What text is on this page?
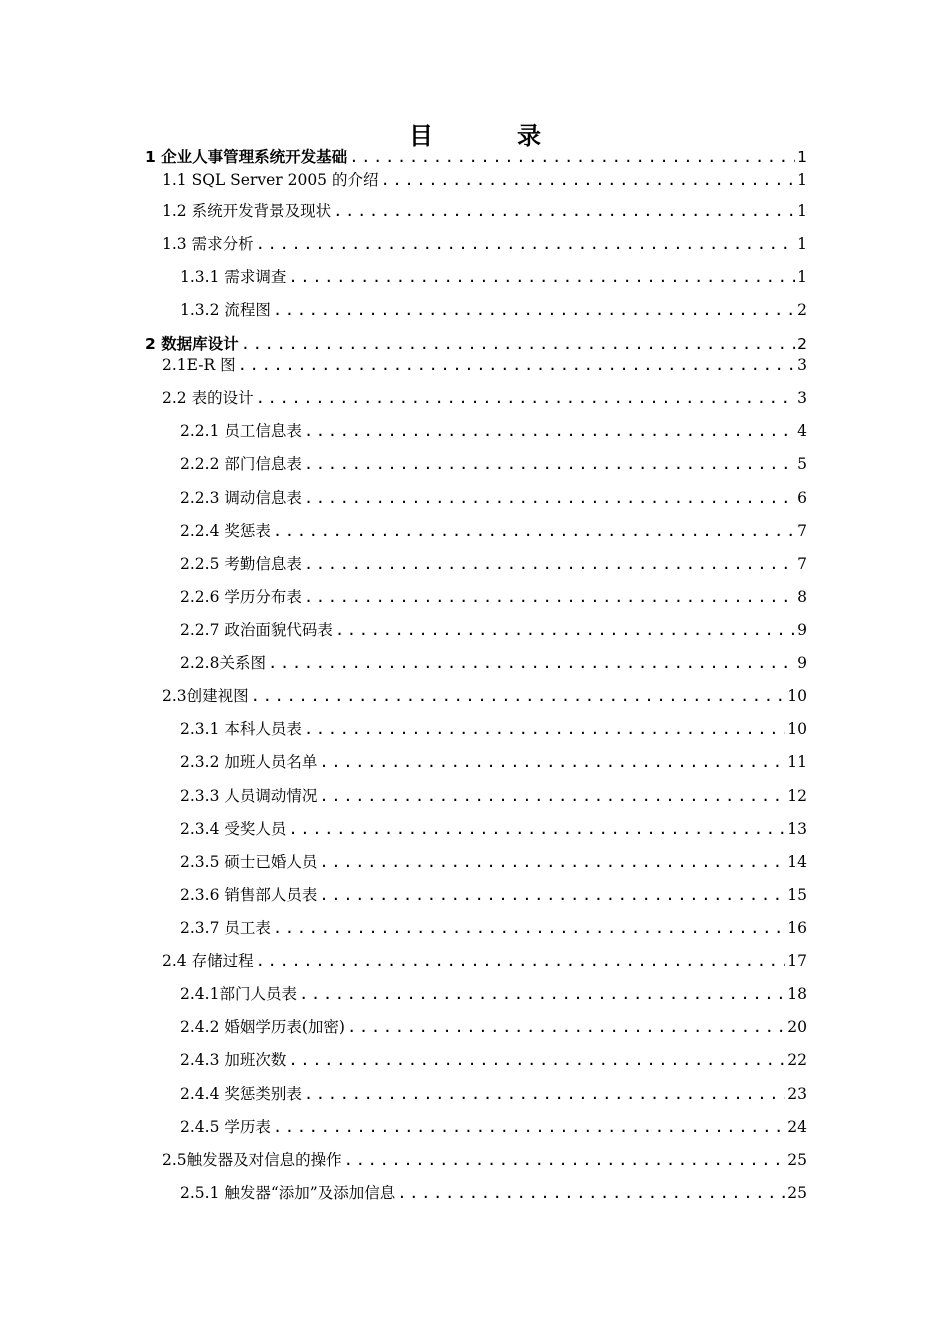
目　录
1 企业人事管理系统开发基础 .....	1
1.1 SQL Server 2005 的介绍 .....	1
1.2 系统开发背景及现状 .....	1
1.3 需求分析 .....	1
1.3.1 需求调查 .....	1
1.3.2 流程图 .....	2
2 数据库设计 .....	2
2.1E-R 图 .....	3
2.2 表的设计 .....	3
2.2.1 员工信息表 .....	4
2.2.2 部门信息表 .....	5
2.2.3 调动信息表 .....	6
2.2.4 奖惩表 .....	7
2.2.5 考勤信息表 .....	7
2.2.6 学历分布表 .....	8
2.2.7 政治面貌代码表 .....	9
2.2.8关系图 .....	9
2.3创建视图 .....	10
2.3.1 本科人员表 .....	10
2.3.2 加班人员名单 .....	11
2.3.3 人员调动情况 .....	12
2.3.4 受奖人员 .....	13
2.3.5 硕士已婚人员 .....	14
2.3.6 销售部人员表 .....	15
2.3.7 员工表 .....	16
2.4 存储过程 .....	17
2.4.1部门人员表 .....	18
2.4.2 婚姻学历表(加密) .....	20
2.4.3 加班次数 .....	22
2.4.4 奖惩类别表 .....	23
2.4.5 学历表 .....	24
2.5触发器及对信息的操作 .....	25
2.5.1 触发器“添加”及添加信息 .....	25
